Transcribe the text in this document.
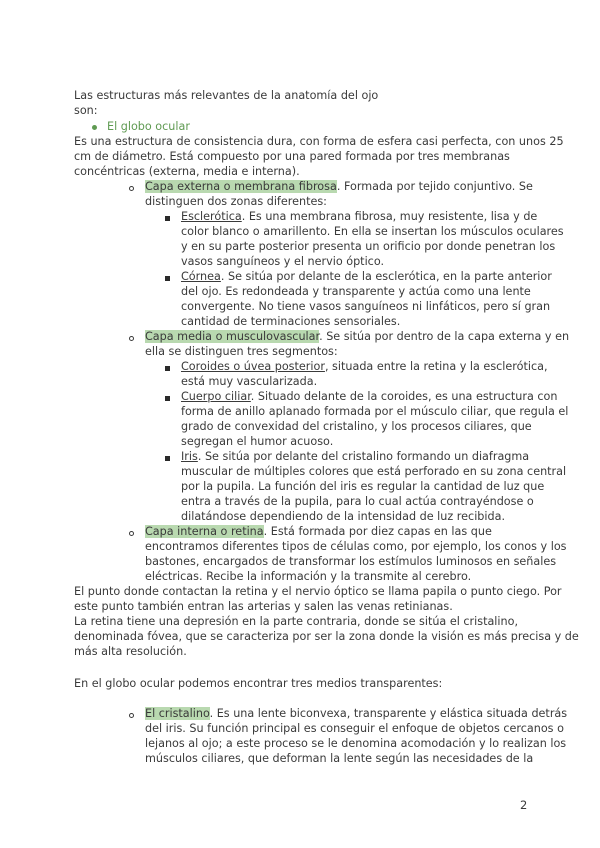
Las estructuras más relevantes de la anatomía del ojo
son:
El globo ocular
Es una estructura de consistencia dura, con forma de esfera casi perfecta, con unos 25
cm de diámetro. Está compuesto por una pared formada por tres membranas
concéntricas (externa, media e interna).
Capa externa o membrana fibrosa. Formada por tejido conjuntivo. Se
distinguen dos zonas diferentes:
Esclerótica. Es una membrana fibrosa, muy resistente, lisa y de
color blanco o amarillento. En ella se insertan los músculos oculares
y en su parte posterior presenta un orificio por donde penetran los
vasos sanguíneos y el nervio óptico.
Córnea. Se sitúa por delante de la esclerótica, en la parte anterior
del ojo. Es redondeada y transparente y actúa como una lente
convergente. No tiene vasos sanguíneos ni linfáticos, pero sí gran
cantidad de terminaciones sensoriales.
Capa media o musculovascular. Se sitúa por dentro de la capa externa y en
ella se distinguen tres segmentos:
Coroides o úvea posterior, situada entre la retina y la esclerótica,
está muy vascularizada.
Cuerpo ciliar. Situado delante de la coroides, es una estructura con
forma de anillo aplanado formada por el músculo ciliar, que regula el
grado de convexidad del cristalino, y los procesos ciliares, que
segregan el humor acuoso.
Iris. Se sitúa por delante del cristalino formando un diafragma
muscular de múltiples colores que está perforado en su zona central
por la pupila. La función del iris es regular la cantidad de luz que
entra a través de la pupila, para lo cual actúa contrayéndose o
dilatándose dependiendo de la intensidad de luz recibida.
Capa interna o retina. Está formada por diez capas en las que
encontramos diferentes tipos de células como, por ejemplo, los conos y los
bastones, encargados de transformar los estímulos luminosos en señales
eléctricas. Recibe la información y la transmite al cerebro.
El punto donde contactan la retina y el nervio óptico se llama papila o punto ciego. Por
este punto también entran las arterias y salen las venas retinianas.
La retina tiene una depresión en la parte contraria, donde se sitúa el cristalino,
denominada fóvea, que se caracteriza por ser la zona donde la visión es más precisa y de
más alta resolución.
En el globo ocular podemos encontrar tres medios transparentes:
El cristalino. Es una lente biconvexa, transparente y elástica situada detrás
del iris. Su función principal es conseguir el enfoque de objetos cercanos o
lejanos al ojo; a este proceso se le denomina acomodación y lo realizan los
músculos ciliares, que deforman la lente según las necesidades de la
2
